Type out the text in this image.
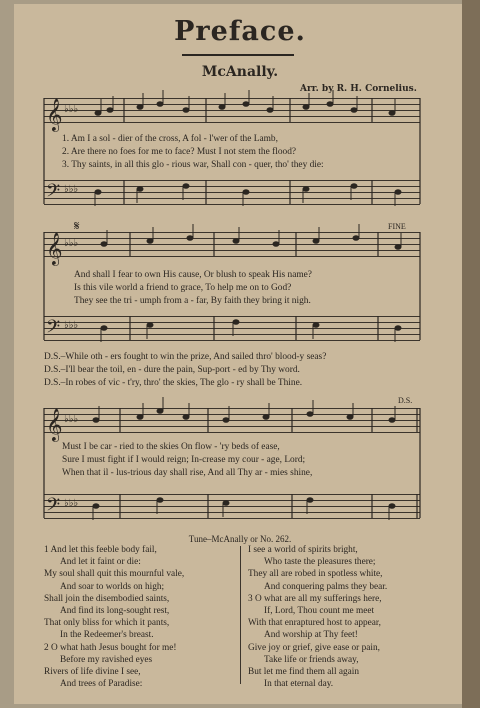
Preface.
McAnally.
Arr. by R. H. Cornelius.
𝄞
𝄢
𝄞
𝄢
𝄞
𝄢
♭♭♭
♭♭♭
♭♭♭
♭♭♭
♭♭♭
♭♭♭
1. Am I a sol - dier of the cross, A fol - l'wer of the Lamb,
2. Are there no foes for me to face? Must I not stem the flood?
3. Thy saints, in all this glo - rious war, Shall con - quer, tho' they die:
𝄋	FINE
And shall I fear to own His cause, Or blush to speak His name?
Is this vile world a friend to grace, To help me on to God?
They see the tri - umph from a - far, By faith they bring it nigh.
D.S.–While oth - ers fought to win the prize, And sailed thro' blood-y seas?
D.S.–I'll bear the toil, en - dure the pain, Sup-port - ed by Thy word.
D.S.–In robes of vic - t'ry, thro' the skies, The glo - ry shall be Thine.
D.S.
Must I be car - ried to the skies On flow - 'ry beds of ease,
Sure I must fight if I would reign; In-crease my cour - age, Lord;
When that il - lus-trious day shall rise, And all Thy ar - mies shine,
Tune–McAnally or No. 262.
1 And let this feeble body fail,
And let it faint or die:
My soul shall quit this mournful vale,
And soar to worlds on high;
Shall join the disembodied saints,
And find its long-sought rest,
That only bliss for which it pants,
In the Redeemer's breast.
2 O what hath Jesus bought for me!
Before my ravished eyes
Rivers of life divine I see,
And trees of Paradise:
I see a world of spirits bright,
Who taste the pleasures there;
They all are robed in spotless white,
And conquering palms they bear.
3 O what are all my sufferings here,
If, Lord, Thou count me meet
With that enraptured host to appear,
And worship at Thy feet!
Give joy or grief, give ease or pain,
Take life or friends away,
But let me find them all again
In that eternal day.
